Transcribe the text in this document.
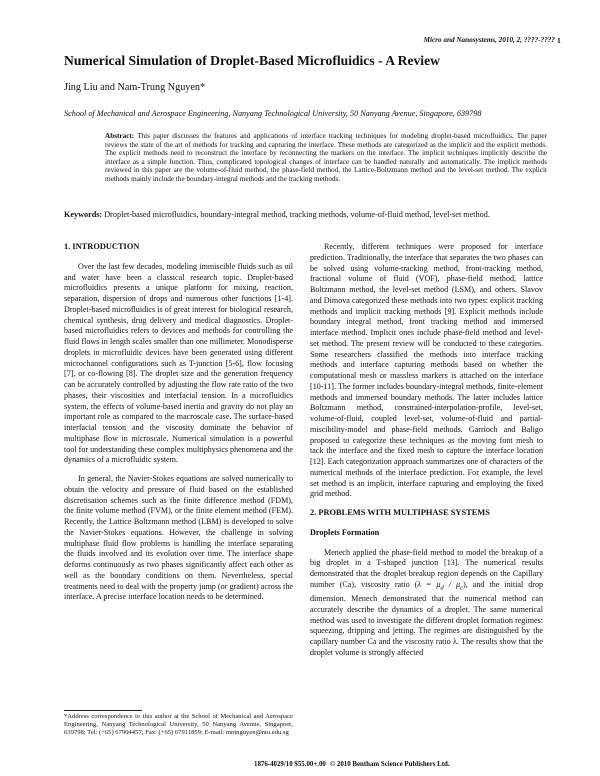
Micro and Nanosystems, 2010, 2, ????-???? 1
Numerical Simulation of Droplet-Based Microfluidics - A Review
Jing Liu and Nam-Trung Nguyen*
School of Mechanical and Aerospace Engineering, Nanyang Technological University, 50 Nanyang Avenue, Singapore, 639798
Abstract: This paper discusses the features and applications of interface tracking techniques for modeling droplet-based microfluidics. The paper reviews the state of the art of methods for tracking and capturing the interface. These methods are categorized as the implicit and the explicit methods. The explicit methods need to reconstruct the interface by reconnecting the markers on the interface. The implicit techniques implicitly describe the interface as a simple function. Thus, complicated topological changes of interface can be handled naturally and automatically. The implicit methods reviewed in this paper are the volume-of-fluid method, the phase-field method, the Lattice-Boltzmann method and the level-set method. The explicit methods mainly include the boundary-integral methods and the tracking methods.
Keywords: Droplet-based microfluidics, boundary-integral method, tracking methods, volume-of-fluid method, level-set method.
1. INTRODUCTION

Over the last few decades, modeling immiscible fluids such as oil and water have been a classical research topic. Droplet-based microfluidics presents a unique platform for mixing, reaction, separation, dispersion of drops and numerous other functions [1-4]. Droplet-based microfluidics is of great interest for biological research, chemical synthesis, drug delivery and medical diagnostics. Droplet-based microfluidics refers to devices and methods for controlling the fluid flows in length scales smaller than one millimeter. Monodisperse droplets in microfluidic devices have been generated using different microchannel configurations such as T-junction [5-6], flow focusing [7], or co-flowing [8]. The droplet size and the generation frequency can be accurately controlled by adjusting the flow rate ratio of the two phases, their viscosities and interfacial tension. In a microfluidics system, the effects of volume-based inertia and gravity do not play an important role as compared to the macroscale case. The surface-based interfacial tension and the viscosity dominate the behavior of multiphase flow in microscale. Numerical simulation is a powerful tool for understanding these complex multiphysics phenomena and the dynamics of a microfluidic system.

In general, the Navier-Stokes equations are solved numerically to obtain the velocity and pressure of fluid based on the established discretisation schemes such as the finite difference method (FDM), the finite volume method (FVM), or the finite element method (FEM). Recently, the Lattice Boltzmann method (LBM) is developed to solve the Navier-Stokes equations. However, the challenge in solving multiphase fluid flow problems is handling the interface separating the fluids involved and its evolution over time. The interface shape deforms continuously as two phases significantly affect each other as well as the boundary conditions on them. Nevertheless, special treatments need to deal with the property jump (or gradient) across the interface. A precise interface location needs to be determined.

Recently, different techniques were proposed for interface prediction. Traditionally, the interface that separates the two phases can be solved using volume-tracking method, front-tracking method, fractional volume of fluid (VOF), phase-field method, lattice Boltzmann method, the level-set method (LSM), and others. Slavov and Dimova categorized these methods into two types: explicit tracking methods and implicit tracking methods [9]. Explicit methods include boundary integral method, front tracking method and immersed interface method. Implicit ones include phase-field method and level-set method. The present review will be conducted to these categories. Some researchers classified the methods into interface tracking methods and interface capturing methods based on whether the computational mesh or massless markers is attached on the interface [10-11]. The former includes boundary-integral methods, finite-element methods and immersed boundary methods. The latter includes lattice Boltzmann method, constrained-interpolation-profile, level-set, volume-of-fluid, coupled level-set, volume-of-fluid and partial-miscibility-model and phase-field methods. Garrioch and Baligo proposed to categorize these techniques as the moving font mesh to tack the interface and the fixed mesh to capture the interface location [12]. Each categorization approach summarizes one of characters of the numerical methods of the interface prediction. For example, the level set method is an implicit, interface capturing and employing the fixed grid method.

2. PROBLEMS WITH MULTIPHASE SYSTEMS
Droplets Formation

Menech applied the phase-field method to model the breakup of a big droplet in a T-shaped junction [13]. The numerical results demonstrated that the droplet breakup region depends on the Capillary number (Ca), viscosity ratio $(\lambda = \mu_d / \mu_c)$, and the initial drop dimension. Menech demonstrated that the numerical method can accurately describe the dynamics of a droplet. The same numerical method was used to investigate the different droplet formation regimes: squeezing, dripping and jetting. The regimes are distinguished by the capillary number Ca and the viscosity ratio λ. The results show that the droplet volume is strongly affected

*Address correspondence to this author at the School of Mechanical and Aerospace Engineering, Nanyang Technological University, 50 Nanyang Avenue, Singapore, 639798; Tel: (+65) 67904457; Fax: (+65) 67911859; E-mail: mntnguyen@ntu.edu.sg
1876-4029/10 $55.00+.00 © 2010 Bentham Science Publishers Ltd.
